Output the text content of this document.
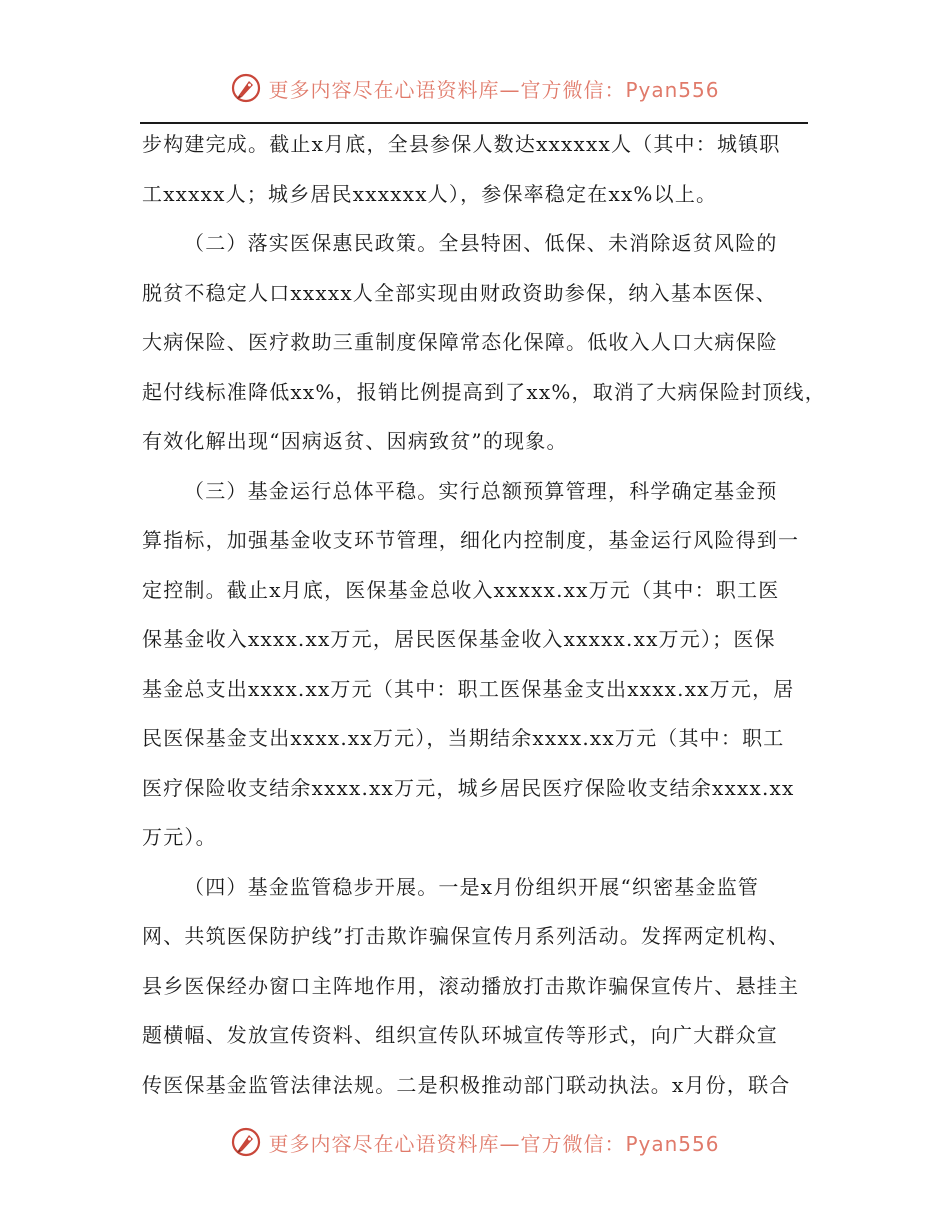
更多内容尽在心语资料库—官方微信：Pyan556
步构建完成。截止x月底，全县参保人数达xxxxxx人（其中：城镇职
工xxxxx人；城乡居民xxxxxx人），参保率稳定在xx%以上。
（二）落实医保惠民政策。全县特困、低保、未消除返贫风险的
脱贫不稳定人口xxxxx人全部实现由财政资助参保，纳入基本医保、
大病保险、医疗救助三重制度保障常态化保障。低收入人口大病保险
起付线标准降低xx%，报销比例提高到了xx%，取消了大病保险封顶线，
有效化解出现“因病返贫、因病致贫”的现象。
（三）基金运行总体平稳。实行总额预算管理，科学确定基金预
算指标，加强基金收支环节管理，细化内控制度，基金运行风险得到一
定控制。截止x月底，医保基金总收入xxxxx.xx万元（其中：职工医
保基金收入xxxx.xx万元，居民医保基金收入xxxxx.xx万元）；医保
基金总支出xxxx.xx万元（其中：职工医保基金支出xxxx.xx万元，居
民医保基金支出xxxx.xx万元），当期结余xxxx.xx万元（其中：职工
医疗保险收支结余xxxx.xx万元，城乡居民医疗保险收支结余xxxx.xx
万元）。
（四）基金监管稳步开展。一是x月份组织开展“织密基金监管
网、共筑医保防护线”打击欺诈骗保宣传月系列活动。发挥两定机构、
县乡医保经办窗口主阵地作用，滚动播放打击欺诈骗保宣传片、悬挂主
题横幅、发放宣传资料、组织宣传队环城宣传等形式，向广大群众宣
传医保基金监管法律法规。二是积极推动部门联动执法。x月份，联合
更多内容尽在心语资料库—官方微信：Pyan556
